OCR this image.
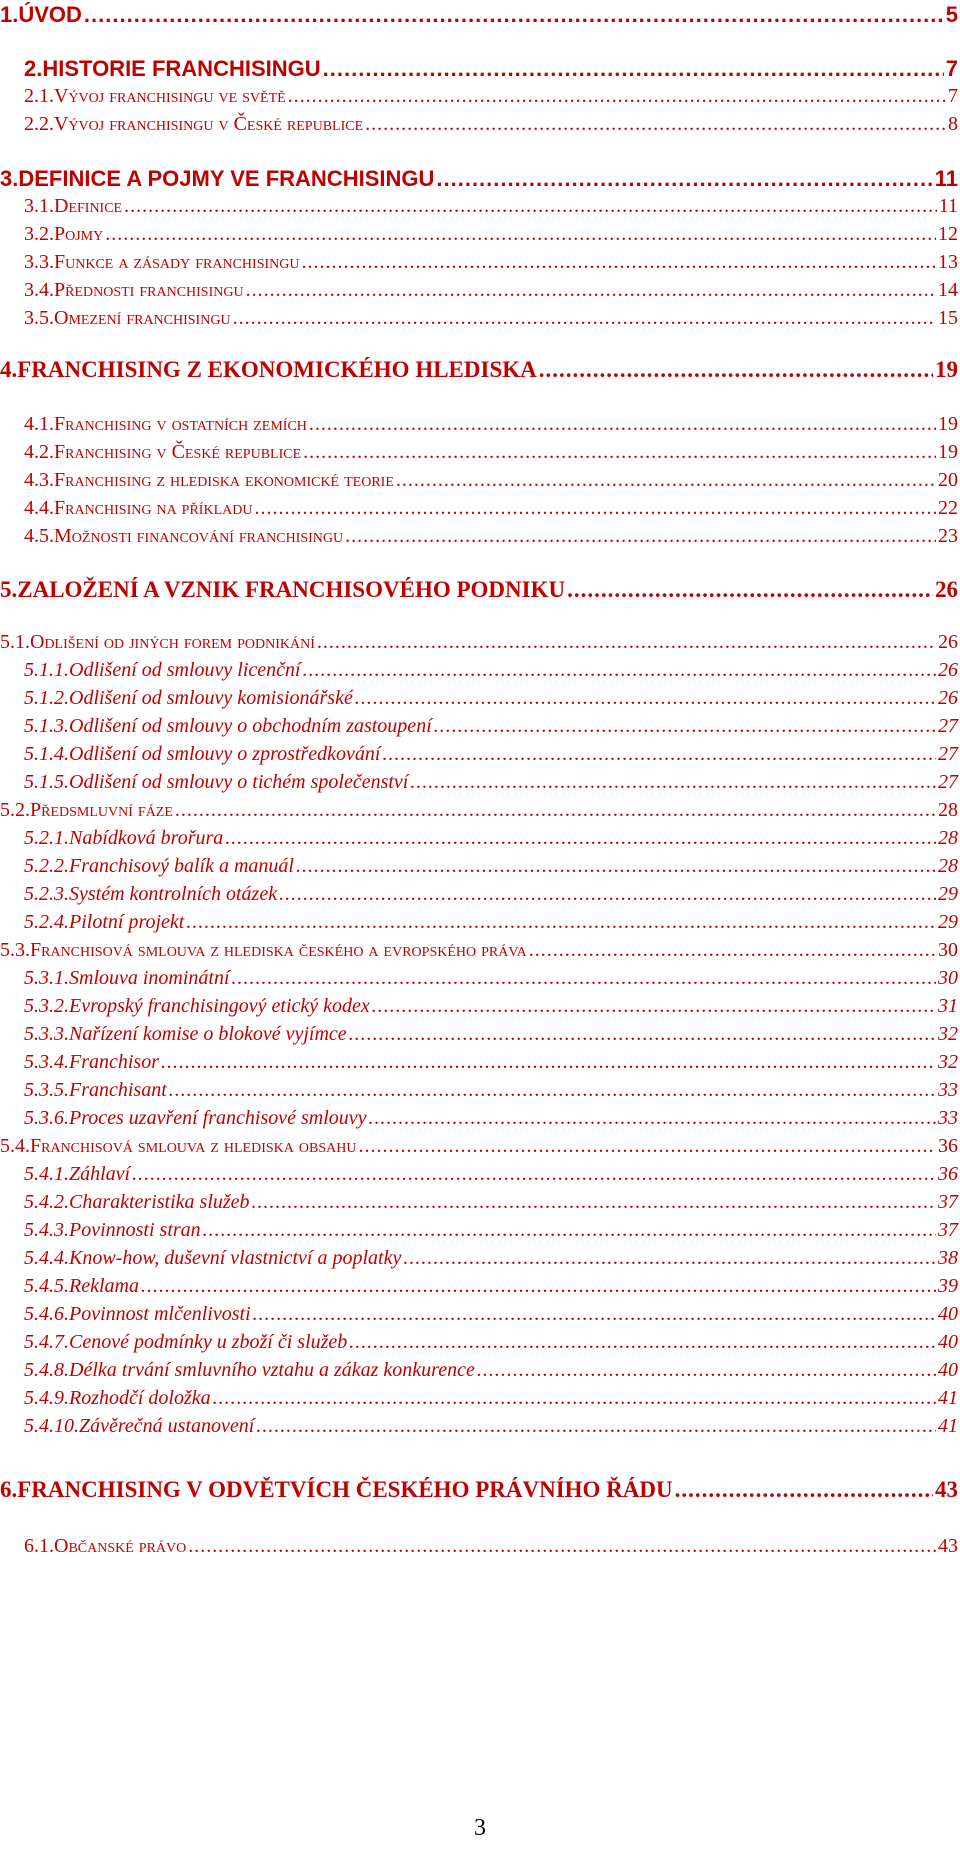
1. ÚVOD .....	5
2. HISTORIE FRANCHISINGU .....	7
2.1. Vývoj franchisingu ve světě .....	7
2.2. Vývoj franchisingu v České republice .....	8
3. DEFINICE A POJMY VE FRANCHISINGU .....	11
3.1. Definice .....	11
3.2. Pojmy .....	12
3.3. Funkce a zásady franchisingu .....	13
3.4. Přednosti franchisingu .....	14
3.5. Omezení franchisingu .....	15
4. FRANCHISING Z EKONOMICKÉHO HLEDISKA .....	19
4.1. Franchising v ostatních zemích .....	19
4.2. Franchising v České republice .....	19
4.3. Franchising z hlediska ekonomické teorie .....	20
4.4. Franchising na příkladu .....	22
4.5. Možnosti financování franchisingu .....	23
5. ZALOŽENÍ A VZNIK FRANCHISOVÉHO PODNIKU .....	26
5.1. Odlišení od jiných forem podnikání .....	26
5.1.1. Odlišení od smlouvy licenční .....	26
5.1.2. Odlišení od smlouvy komisionářské .....	26
5.1.3. Odlišení od smlouvy o obchodním zastoupení .....	27
5.1.4. Odlišení od smlouvy o zprostředkování .....	27
5.1.5. Odlišení od smlouvy o tichém společenství .....	27
5.2. Předsmluvní fáze .....	28
5.2.1. Nabídková brořura .....	28
5.2.2. Franchisový balík a manuál .....	28
5.2.3. Systém kontrolních otázek .....	29
5.2.4. Pilotní projekt .....	29
5.3. Franchisová smlouva z hlediska českého a evropského práva .....	30
5.3.1. Smlouva inominátní .....	30
5.3.2. Evropský franchisingový etický kodex .....	31
5.3.3. Nařízení komise o blokové vyjímce .....	32
5.3.4. Franchisor .....	32
5.3.5. Franchisant .....	33
5.3.6. Proces uzavření franchisové smlouvy .....	33
5.4. Franchisová smlouva z hlediska obsahu .....	36
5.4.1. Záhlaví .....	36
5.4.2. Charakteristika služeb .....	37
5.4.3. Povinnosti stran .....	37
5.4.4. Know-how, duševní vlastnictví a poplatky .....	38
5.4.5. Reklama .....	39
5.4.6. Povinnost mlčenlivosti .....	40
5.4.7. Cenové podmínky u zboží či služeb .....	40
5.4.8. Délka trvání smluvního vztahu a zákaz konkurence .....	40
5.4.9. Rozhodčí doložka .....	41
5.4.10. Závěrečná ustanovení .....	41
6. FRANCHISING V ODVĚTVÍCH ČESKÉHO PRÁVNÍHO ŘÁDU .....	43
6.1. Občanské právo .....	43
3
